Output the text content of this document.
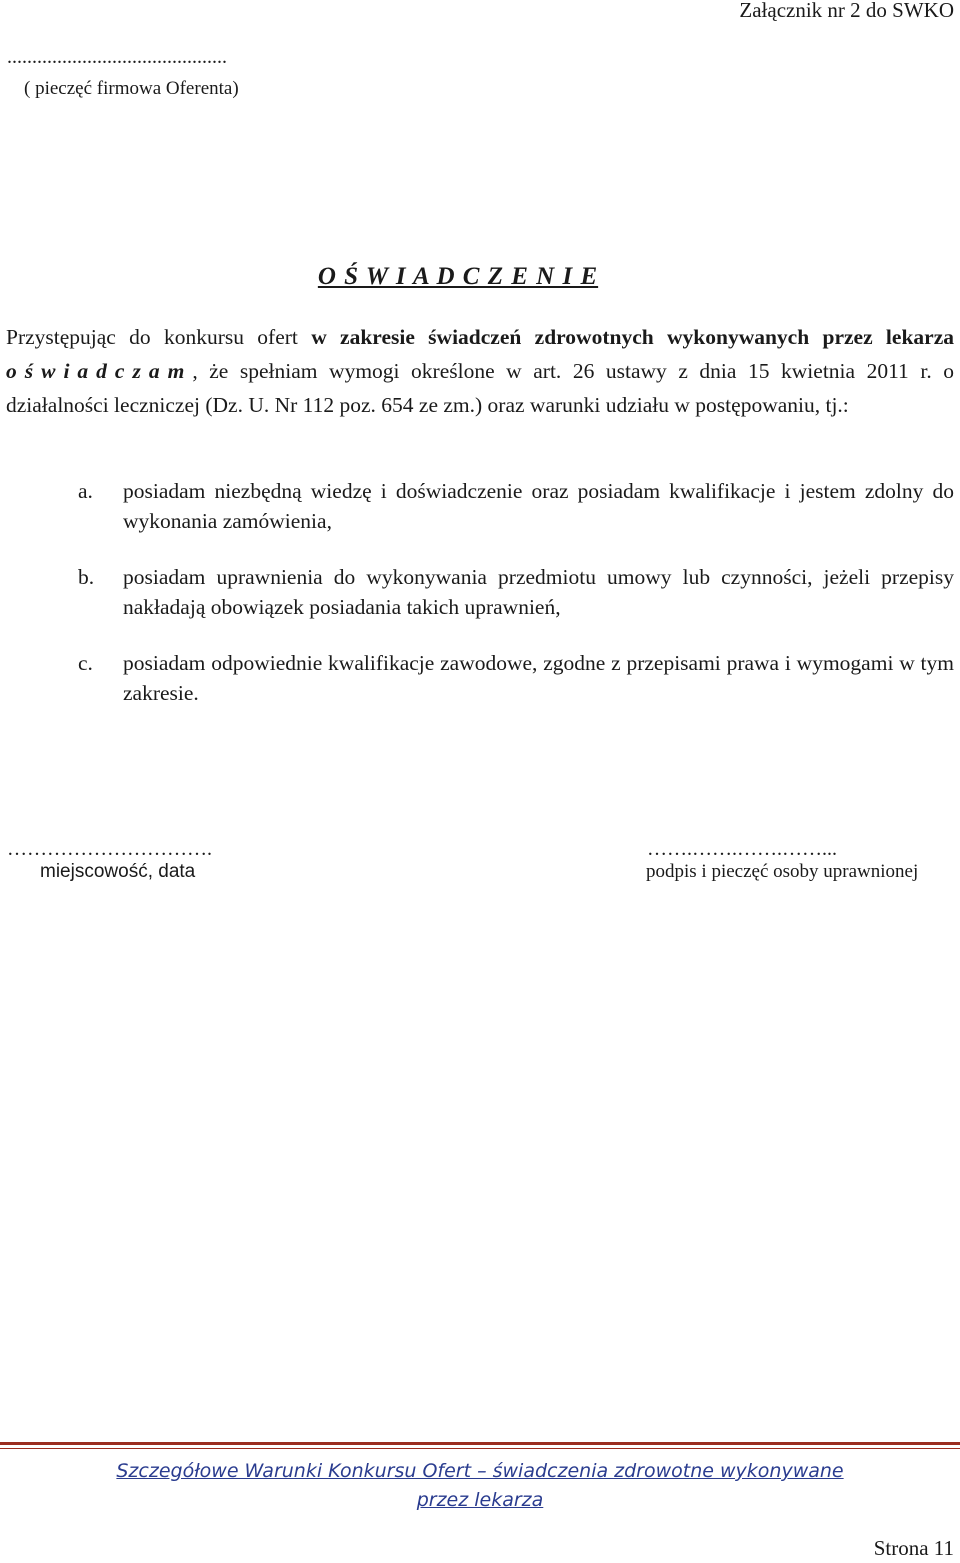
Załącznik nr 2 do SWKO
............................................
( pieczęć firmowa Oferenta)
O Ś W I A D C Z E N I E
Przystępując do konkursu ofert w zakresie świadczeń zdrowotnych wykonywanych przez lekarza oświadczam, że spełniam wymogi określone w art. 26 ustawy z dnia 15 kwietnia 2011 r. o działalności leczniczej (Dz. U. Nr 112 poz. 654 ze zm.) oraz warunki udziału w postępowaniu, tj.:
a. posiadam niezbędną wiedzę i doświadczenie oraz posiadam kwalifikacje i jestem zdolny do wykonania zamówienia,
b. posiadam uprawnienia do wykonywania przedmiotu umowy lub czynności, jeżeli przepisy nakładają obowiązek posiadania takich uprawnień,
c. posiadam odpowiednie kwalifikacje zawodowe, zgodne z przepisami prawa i wymogami w tym zakresie.
………………………….
miejscowość, data
…….…….…….……...
podpis i pieczęć osoby uprawnionej
Szczegółowe Warunki Konkursu Ofert – świadczenia zdrowotne wykonywane
przez lekarza
Strona 11
